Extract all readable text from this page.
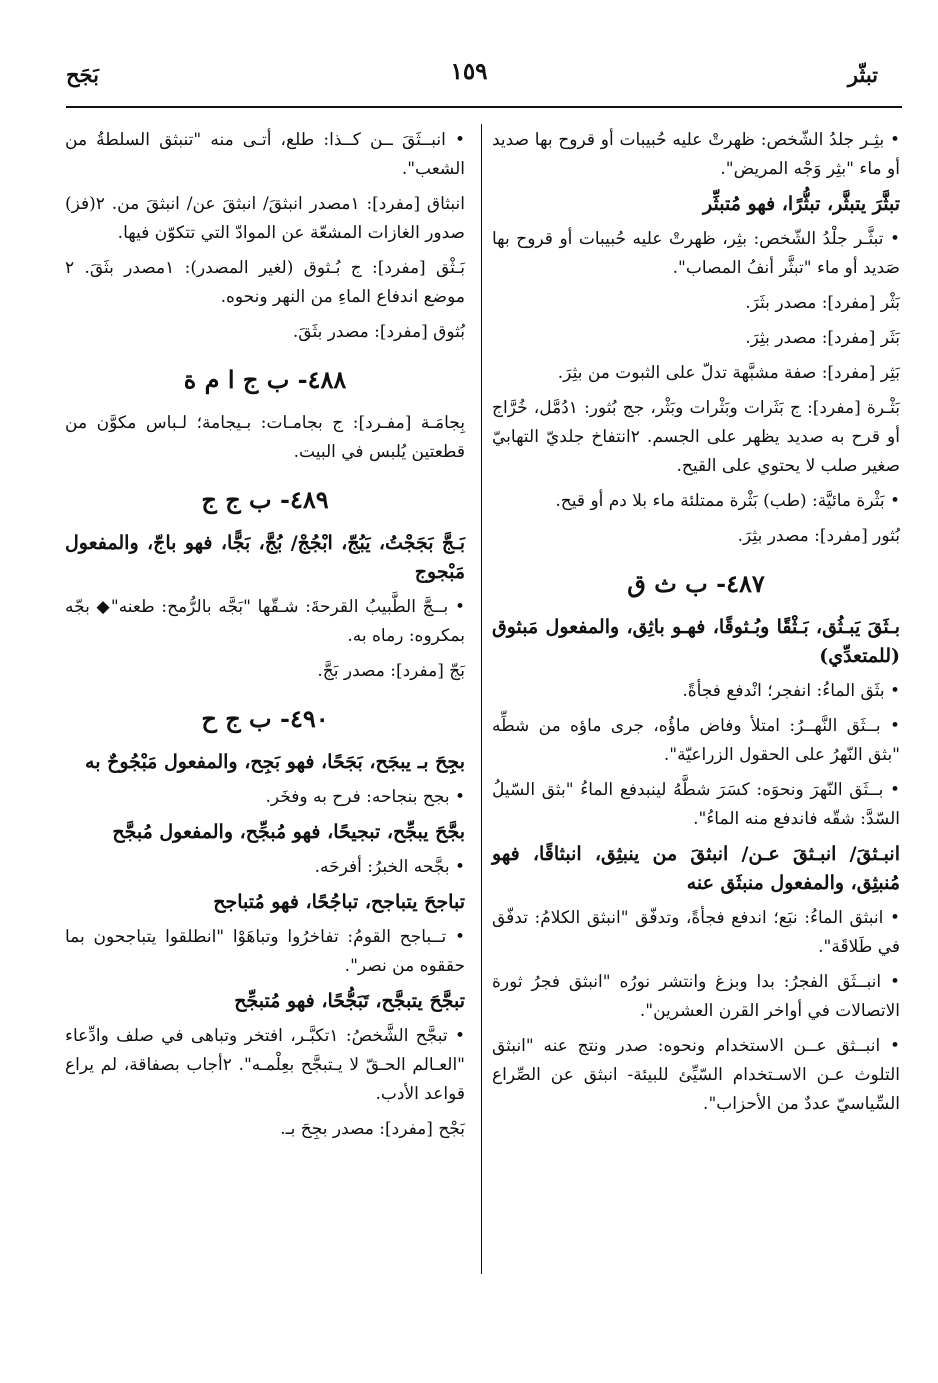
تبثّر
١٥٩
بَجَح
• بثِـر جلدُ الشّخص: ظهرتْ عليه حُبيبات أو قروح بها صديد أو ماء "بثِر وَجْه المريض".
تبثَّرَ يتبثَّر، تبثُّرًا، فهو مُتبثِّر
• تبثَّـر جلْدُ الشّخص: بثِر، ظهرتْ عليه حُبيبات أو قروح بها صَديد أو ماء "تبثَّر أنفُ المصاب".
بَثْر [مفرد]: مصدر بثَرَ.
بَثَر [مفرد]: مصدر بثِرَ.
بَثِر [مفرد]: صفة مشبَّهة تدلّ على الثبوت من بثِرَ.
بَثْـرة [مفرد]: ج بَثَرات وبَثْرات وبَثْر، جج بُثور: ١دُمَّل، خُرَّاج أو قرح به صديد يظهر على الجسم. ٢انتفاخ جلديّ التهابيّ صغير صلب لا يحتوي على القيح.
• بَثْرة مائيَّة: (طب) بَثْرة ممتلئة ماء بلا دم أو قيح.
بُثور [مفرد]: مصدر بثِرَ.
٤٨٧- ب ث ق
بـثَقَ يَبـثُق، بَـثْقًا وبُـثوقًا، فهـو باثِق، والمفعول مَبثوق (للمتعدِّي)
• بثَق الماءُ: انفجر؛ انْدفع فجأةً.
• بــثَق النَّهــرُ: امتلأ وفاض ماؤُه، جرى ماؤه من شطِّه "بثق النّهرُ على الحقول الزراعيّة".
• بــثَق النّهرَ ونحوَه: كسَرَ شطَّهُ لينبدفع الماءُ "بثق السّيلُ السّدَّ: شقّه فاندفع منه الماءُ".
انبـثقَ/ انبـثقَ عـن/ انبثقَ من ينبثِق، انبثاقًا، فهو مُنبثِق، والمفعول منبثَق عنه
• انبثق الماءُ: نبَع؛ اندفع فجأةً، وتدفّق "انبثق الكلامُ: تدفّق في طَلاقَة".
• انبــثَق الفجرُ: بدا وبزغ وانتشر نورُه "انبثق فجرُ ثورة الاتصالات في أواخر القرن العشرين".
• انبــثق عــن الاستخدام ونحوه: صدر ونتج عنه "انبثق التلوث عـن الاسـتخدام السّيِّئ للبيئة- انبثق عن الصِّراع السِّياسيّ عددٌ من الأحزاب".
• انبــثَقَ ــن كــذا: طلع، أتـى منه "تنبثق السلطةُ من الشعب".
انبثاق [مفرد]: ١مصدر انبثقَ/ انبثقَ عن/ انبثقَ من. ٢(فز) صدور الغازات المشعّة عن الموادّ التي تتكوّن فيها.
بَـثْق [مفرد]: ج بُـثوق (لغير المصدر): ١مصدر بثَقَ. ٢ موضع اندفاع الماءِ من النهر ونحوه.
بُثوق [مفرد]: مصدر بثَقَ.
٤٨٨- ب ج ا م ة
بِجامَـة [مفـرد]: ج بجامـات: بـيجامة؛ لـباس مكوَّن من قطعتين يُلبس في البيت.
٤٨٩- ب ج ج
بَـجَّ بَجَجْتُ، يَبُجّ، ابْجُجْ/ بُجَّ، بَجًّا، فهو باجّ، والمفعول مَبْجوج
• بــجَّ الطَّبيبُ القرحةَ: شـقّها "بَجَّه بالرُّمح: طعنه"◆ بجّه بمكروه: رماه به.
بَجّ [مفرد]: مصدر بَجَّ.
٤٩٠- ب ج ح
بجِحَ بـ يبجَح، بَجَحًا، فهو بَجِح، والمفعول مَبْجُوحٌ به
• بجح بنجاحه: فرح به وفخَر.
بجَّحَ يبجِّح، تبجيحًا، فهو مُبجِّح، والمفعول مُبجَّح
• بجَّحه الخبرُ: أفرحَه.
تباجحَ يتباجح، تباجُحًا، فهو مُتباجح
• تــباجح القومُ: تفاخرُوا وتباهَوْا "انطلقوا يتباجحون بما حققوه من نصر".
تبجَّحَ يتبجَّح، تَبَجُّحًا، فهو مُتبجِّح
• تبجَّح الشَّخصُ: ١تكبَّـر، افتخر وتباهى في صلف وادِّعاء "العـالم الحـقّ لا يـتبجَّح بعِلْمـه". ٢أجاب بصفاقة، لم يراع قواعد الأدب.
بَجْح [مفرد]: مصدر بجِحَ بـ.
